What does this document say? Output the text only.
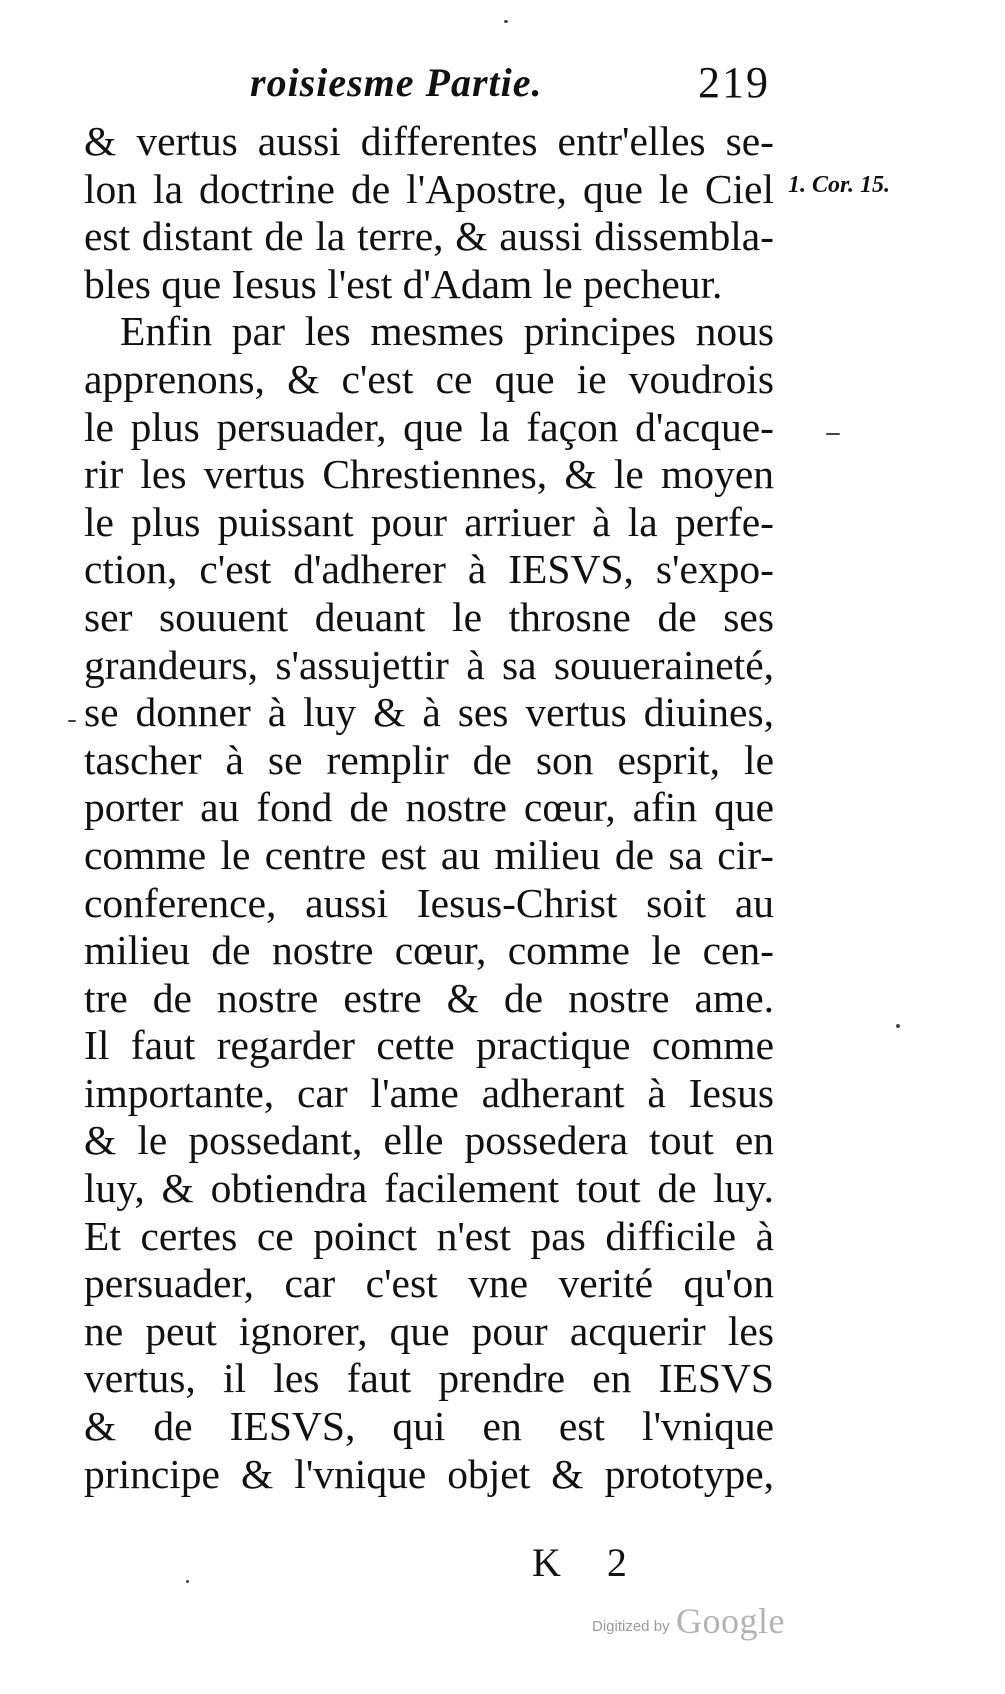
roisiesme Partie.	219
1. Cor. 15.
& vertus aussi differentes entr'elles se-
lon la doctrine de l'Apostre, que le Ciel
est distant de la terre, & aussi dissembla-
bles que Iesus l'est d'Adam le pecheur.
Enfin par les mesmes principes nous
apprenons, & c'est ce que ie voudrois
le plus persuader, que la façon d'acque-
rir les vertus Chrestiennes, & le moyen
le plus puissant pour arriuer à la perfe-
ction, c'est d'adherer à IESVS, s'expo-
ser souuent deuant le throsne de ses
grandeurs, s'assujettir à sa souueraineté,
se donner à luy & à ses vertus diuines,
tascher à se remplir de son esprit, le
porter au fond de nostre cœur, afin que
comme le centre est au milieu de sa cir-
conference, aussi Iesus-Christ soit au
milieu de nostre cœur, comme le cen-
tre de nostre estre & de nostre ame.
Il faut regarder cette practique comme
importante, car l'ame adherant à Iesus
& le possedant, elle possedera tout en
luy, & obtiendra facilement tout de luy.
Et certes ce poinct n'est pas difficile à
persuader, car c'est vne verité qu'on
ne peut ignorer, que pour acquerir les
vertus, il les faut prendre en IESVS
& de IESVS, qui en est l'vnique
principe & l'vnique objet & prototype,
K 2
Digitized by Google
